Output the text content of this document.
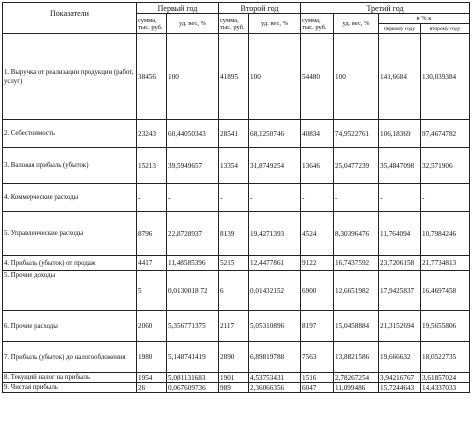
Показатели	Первый год		Второй год		Третий год			
	сумма, тыс. руб.	уд. вес, %	сумма, тыс. руб.	уд. вес, %	сумма, тыс. руб.	уд. вес, %	в % к	
							первому году	второму году
1. Выручка от реализации продукции (работ, услуг)	38456	100	41895	100	54480	100	141,6684	130,039384
2. Себестоимость	23243	60,44050343	28541	68,1250746	40834	74,9522761	106,18369	97,4674782
3. Валовая прибыль (убыток)	15213	39,5949657	13354	31,8749254	13646	25,0477239	35,4847098	32,571906
4. Коммерческие расходы	-	-	-	-	-	-	-	-
5. Управленческие расходы	8796	22,8728937	8139	19,4271393	4524	8,30396476	11,764094	10,7984246
4. Прибыль (убыток) от продаж	4417	11,48585396	5215	12,4477861	9122	16,7437592	23,7206158	21,7734813
5. Прочие доходы	5	0,0130018 72	6	0,01432152	6900	12,6651982	17,9425837	16,4697458
6. Прочие расходы	2060	5,356771375	2117	5,05310896	8197	15,0458884	21,3152694	19,5655806
7. Прибыль (убыток) до налогообложения	1980	5,148741419	2890	6,89819788	7563	13,8821586	19,666632	18,0522735
8. Текущий налог на прибыль	1954	5,081131683	1901	4,53753431	1516	2,78267254	3,94216767	3,61857024
9. Чистая прибыль	26	0,067609736	989	2,36066356	6047	11,099486	15,7244643	14,4337033
